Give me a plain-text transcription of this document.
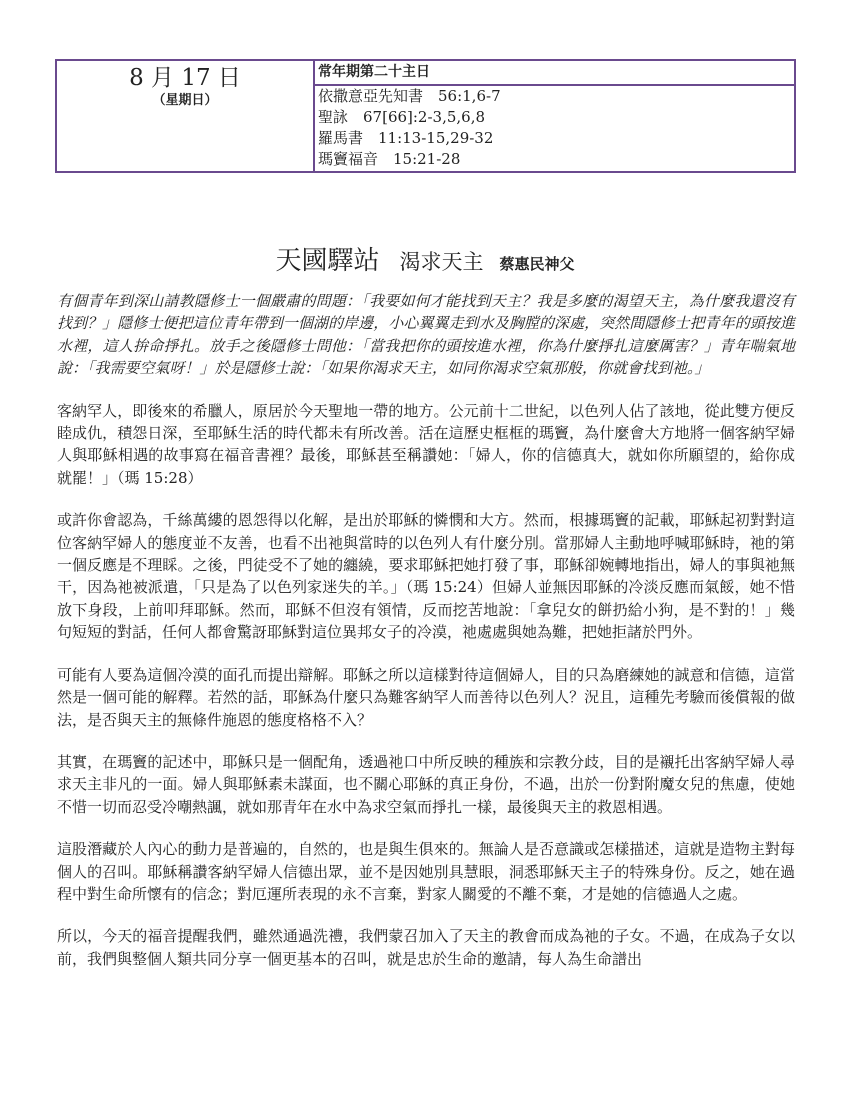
8 月 17 日
（星期日）
常年期第二十主日
依撒意亞先知書　56:1,6-7
聖詠　67[66]:2-3,5,6,8
羅馬書　11:13-15,29-32
瑪竇福音　15:21-28
天國驛站 渴求天主 蔡惠民神父

有個青年到深山請教隱修士一個嚴肅的問題：「我要如何才能找到天主？我是多麼的渴望天主，為什麼我還沒有找到？」隱修士便把這位青年帶到一個湖的岸邊，小心翼翼走到水及胸膛的深處，突然間隱修士把青年的頭按進水裡，這人拚命掙扎。放手之後隱修士問他：「當我把你的頭按進水裡，你為什麼掙扎這麼厲害？」青年喘氣地說：「我需要空氣呀！」於是隱修士說：「如果你渴求天主，如同你渴求空氣那般，你就會找到祂。」

客納罕人，即後來的希臘人，原居於今天聖地一帶的地方。公元前十二世紀，以色列人佔了該地，從此雙方便反睦成仇，積怨日深，至耶穌生活的時代都未有所改善。活在這歷史框框的瑪竇，為什麼會大方地將一個客納罕婦人與耶穌相遇的故事寫在福音書裡？最後，耶穌甚至稱讚她：「婦人，你的信德真大，就如你所願望的，給你成就罷！」（瑪 15:28）

或許你會認為，千絲萬縷的恩怨得以化解，是出於耶穌的憐憫和大方。然而，根據瑪竇的記載，耶穌起初對對這位客納罕婦人的態度並不友善，也看不出祂與當時的以色列人有什麼分別。當那婦人主動地呼喊耶穌時，祂的第一個反應是不理睬。之後，門徒受不了她的纏繞，要求耶穌把她打發了事，耶穌卻婉轉地指出，婦人的事與祂無干，因為祂被派遣，「只是為了以色列家迷失的羊。」（瑪 15:24）但婦人並無因耶穌的冷淡反應而氣餒，她不惜放下身段，上前叩拜耶穌。然而，耶穌不但沒有領情，反而挖苦地說：「拿兒女的餅扔給小狗，是不對的！」幾句短短的對話，任何人都會驚訝耶穌對這位異邦女子的冷漠，祂處處與她為難，把她拒諸於門外。

可能有人要為這個冷漠的面孔而提出辯解。耶穌之所以這樣對待這個婦人，目的只為磨練她的誠意和信德，這當然是一個可能的解釋。若然的話，耶穌為什麼只為難客納罕人而善待以色列人？況且，這種先考驗而後償報的做法，是否與天主的無條件施恩的態度格格不入？

其實，在瑪竇的記述中，耶穌只是一個配角，透過祂口中所反映的種族和宗教分歧，目的是襯托出客納罕婦人尋求天主非凡的一面。婦人與耶穌素未謀面，也不關心耶穌的真正身份，不過，出於一份對附魔女兒的焦慮，使她不惜一切而忍受冷嘲熱諷，就如那青年在水中為求空氣而掙扎一樣，最後與天主的救恩相遇。

這股潛藏於人內心的動力是普遍的，自然的，也是與生俱來的。無論人是否意識或怎樣描述，這就是造物主對每個人的召叫。耶穌稱讚客納罕婦人信德出眾，並不是因她別具慧眼，洞悉耶穌天主子的特殊身份。反之，她在過程中對生命所懷有的信念；對厄運所表現的永不言棄，對家人關愛的不離不棄，才是她的信德過人之處。

所以，今天的福音提醒我們，雖然通過洗禮，我們蒙召加入了天主的教會而成為祂的子女。不過，在成為子女以前，我們與整個人類共同分享一個更基本的召叫，就是忠於生命的邀請，每人為生命譜出
